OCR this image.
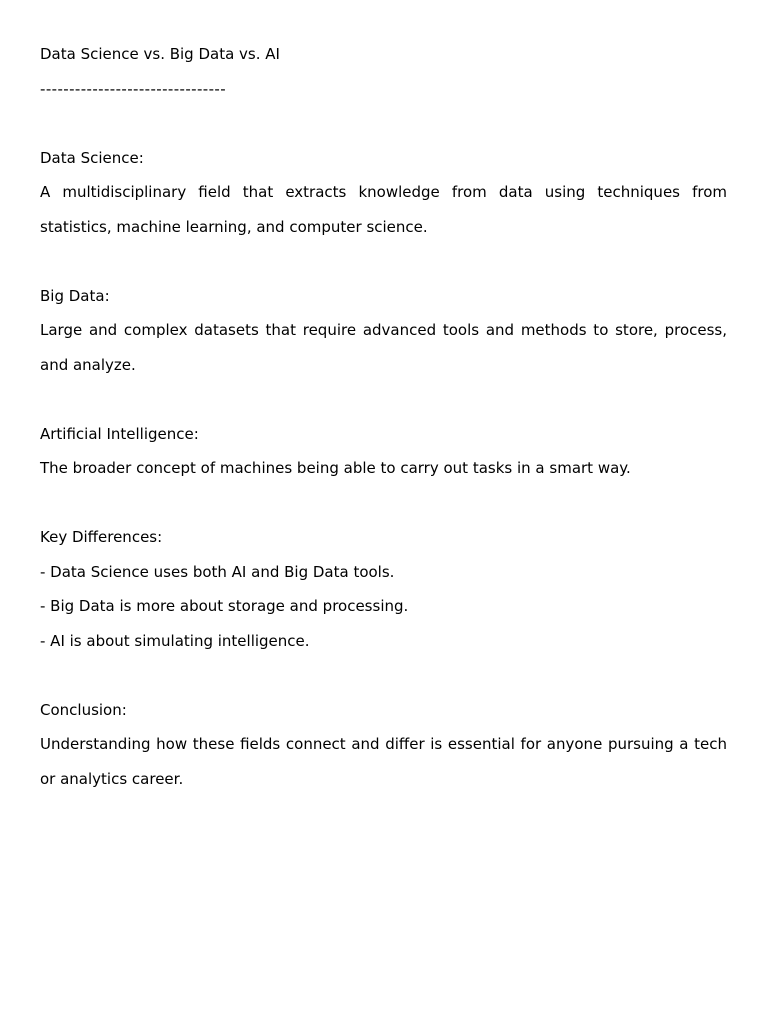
Data Science vs. Big Data vs. AI
--------------------------------
Data Science:
A multidisciplinary field that extracts knowledge from data using techniques from statistics, machine learning, and computer science.
Big Data:
Large and complex datasets that require advanced tools and methods to store, process, and analyze.
Artificial Intelligence:
The broader concept of machines being able to carry out tasks in a smart way.
Key Differences:
- Data Science uses both AI and Big Data tools.
- Big Data is more about storage and processing.
- AI is about simulating intelligence.
Conclusion:
Understanding how these fields connect and differ is essential for anyone pursuing a tech or analytics career.
